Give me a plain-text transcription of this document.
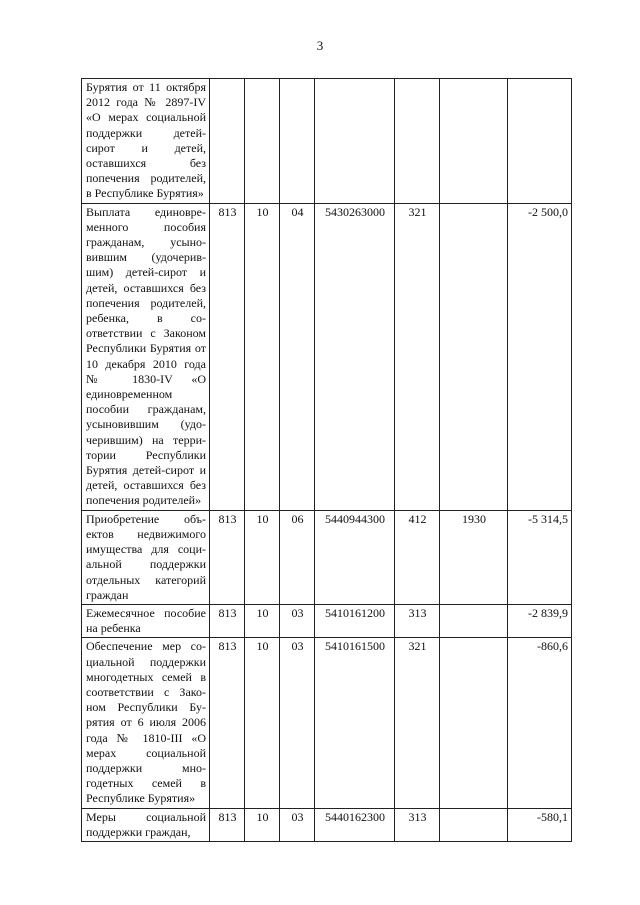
3
Бурятия от 11 октября 2012 года № 2897-IV «О мерах социальной поддержки детей-сирот и детей, оставшихся без попечения родителей, в Республике Бурятия»							
Выплата единовременного пособия гражданам, усыновившим (удочерившим) детей-сирот и детей, оставшихся без попечения родителей, ребенка, в соответствии с Законом Республики Бурятия от 10 декабря 2010 года № 1830-IV «О единовременном пособии гражданам, усыновившим (удочерившим) на территории Республики Бурятия детей-сирот и детей, оставшихся без попечения родителей»	813	10	04	5430263000	321		-2 500,0
Приобретение объектов недвижимого имущества для социальной поддержки отдельных категорий граждан	813	10	06	5440944300	412	1930	-5 314,5
Ежемесячное пособие на ребенка	813	10	03	5410161200	313		-2 839,9
Обеспечение мер социальной поддержки многодетных семей в соответствии с Законом Республики Бурятия от 6 июля 2006 года № 1810-III «О мерах социальной поддержки многодетных семей в Республике Бурятия»	813	10	03	5410161500	321		-860,6
Меры социальной поддержки граждан,	813	10	03	5440162300	313		-580,1
